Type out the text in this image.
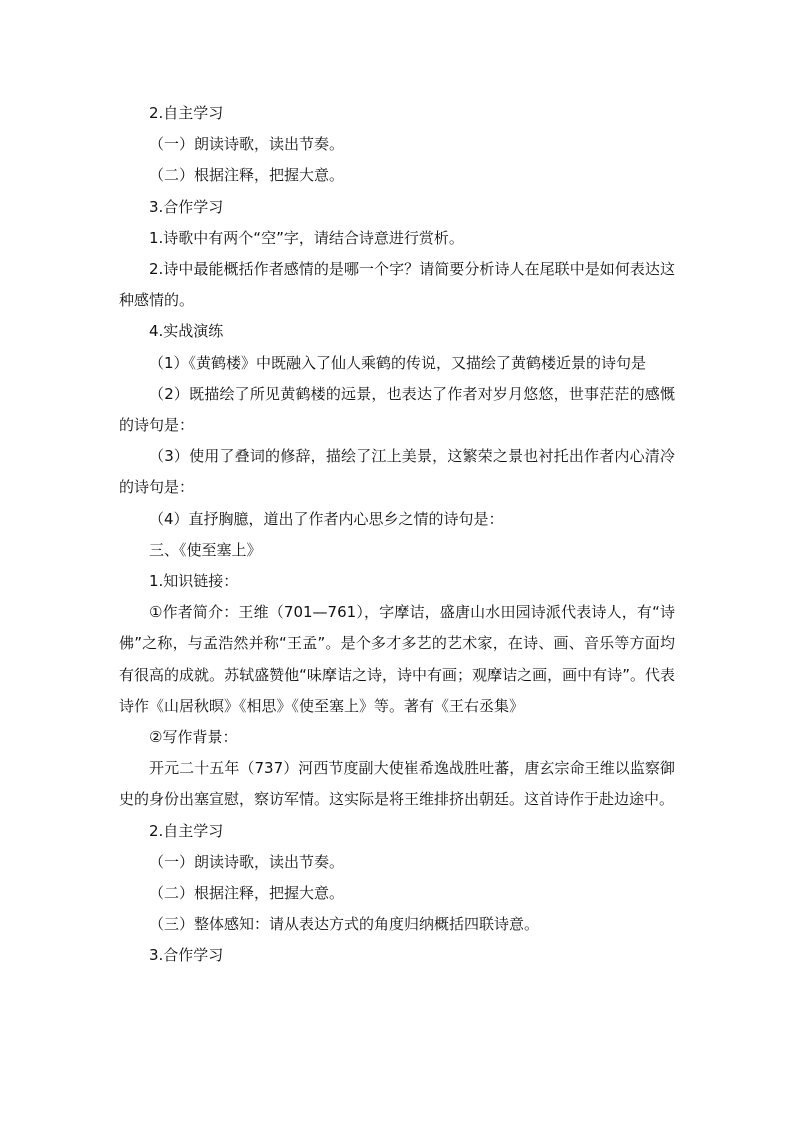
2.自主学习

（一）朗读诗歌，读出节奏。

（二）根据注释，把握大意。

3.合作学习

1.诗歌中有两个“空”字，请结合诗意进行赏析。

2.诗中最能概括作者感情的是哪一个字？请简要分析诗人在尾联中是如何表达这种感情的。

4.实战演练

（1）《黄鹤楼》中既融入了仙人乘鹤的传说，又描绘了黄鹤楼近景的诗句是

（2）既描绘了所见黄鹤楼的远景，也表达了作者对岁月悠悠，世事茫茫的感慨的诗句是：

（3）使用了叠词的修辞，描绘了江上美景，这繁荣之景也衬托出作者内心清冷的诗句是：

（4）直抒胸臆，道出了作者内心思乡之情的诗句是：

三、《使至塞上》

1.知识链接：

①作者简介：王维（701—761），字摩诘，盛唐山水田园诗派代表诗人，有“诗佛”之称，与孟浩然并称“王孟”。是个多才多艺的艺术家，在诗、画、音乐等方面均有很高的成就。苏轼盛赞他“味摩诘之诗，诗中有画；观摩诘之画，画中有诗”。代表诗作《山居秋暝》《相思》《使至塞上》等。著有《王右丞集》

②写作背景：

开元二十五年（737）河西节度副大使崔希逸战胜吐蕃，唐玄宗命王维以监察御史的身份出塞宣慰，察访军情。这实际是将王维排挤出朝廷。这首诗作于赴边途中。

2.自主学习

（一）朗读诗歌，读出节奏。

（二）根据注释，把握大意。

（三）整体感知：请从表达方式的角度归纳概括四联诗意。

3.合作学习
